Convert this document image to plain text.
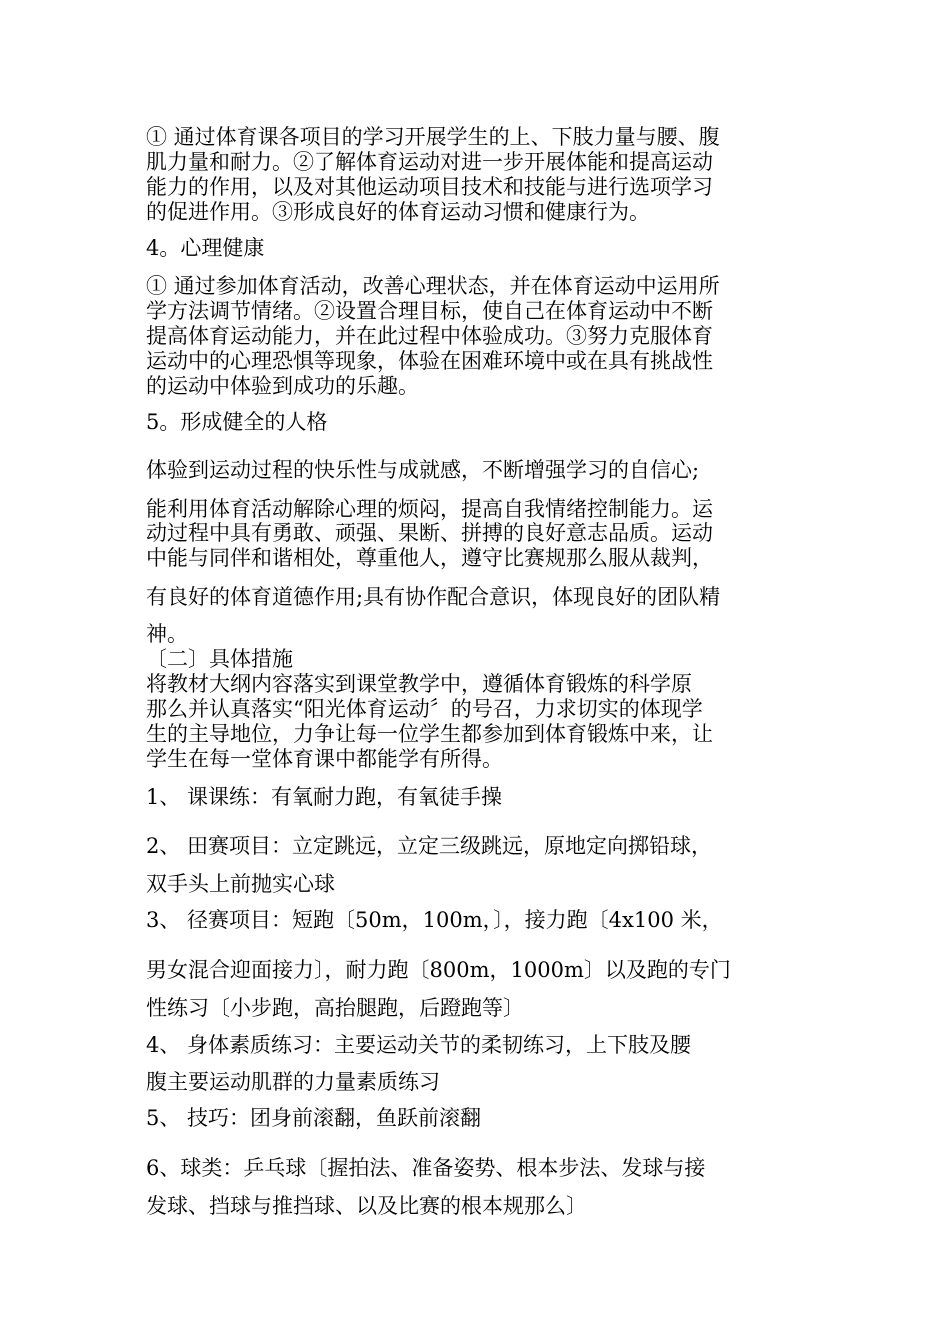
① 通过体育课各项目的学习开展学生的上、下肢力量与腰、腹
肌力量和耐力。②了解体育运动对进一步开展体能和提高运动
能力的作用，以及对其他运动项目技术和技能与进行选项学习
的促进作用。③形成良好的体育运动习惯和健康行为。
4。心理健康
① 通过参加体育活动，改善心理状态，并在体育运动中运用所
学方法调节情绪。②设置合理目标，使自己在体育运动中不断
提高体育运动能力，并在此过程中体验成功。③努力克服体育
运动中的心理恐惧等现象，体验在困难环境中或在具有挑战性
的运动中体验到成功的乐趣。
5。形成健全的人格
体验到运动过程的快乐性与成就感，不断增强学习的自信心;
能利用体育活动解除心理的烦闷，提高自我情绪控制能力。运
动过程中具有勇敢、顽强、果断、拼搏的良好意志品质。运动
中能与同伴和谐相处，尊重他人，遵守比赛规那么服从裁判，
有良好的体育道德作用;具有协作配合意识，体现良好的团队精
神。
〔二〕具体措施
将教材大纲内容落实到课堂教学中，遵循体育锻炼的科学原
那么并认真落实“阳光体育运动〞的号召，力求切实的体现学
生的主导地位，力争让每一位学生都参加到体育锻炼中来，让
学生在每一堂体育课中都能学有所得。
1、 课课练：有氧耐力跑，有氧徒手操
2、 田赛项目：立定跳远，立定三级跳远，原地定向掷铅球，
双手头上前抛实心球
3、 径赛项目：短跑〔50m，100m，〕，接力跑〔4x100 米，
男女混合迎面接力〕，耐力跑〔800m，1000m〕以及跑的专门
性练习〔小步跑，高抬腿跑，后蹬跑等〕
4、 身体素质练习：主要运动关节的柔韧练习，上下肢及腰
腹主要运动肌群的力量素质练习
5、 技巧：团身前滚翻，鱼跃前滚翻
6、球类：乒乓球〔握拍法、准备姿势、根本步法、发球与接
发球、挡球与推挡球、以及比赛的根本规那么〕
